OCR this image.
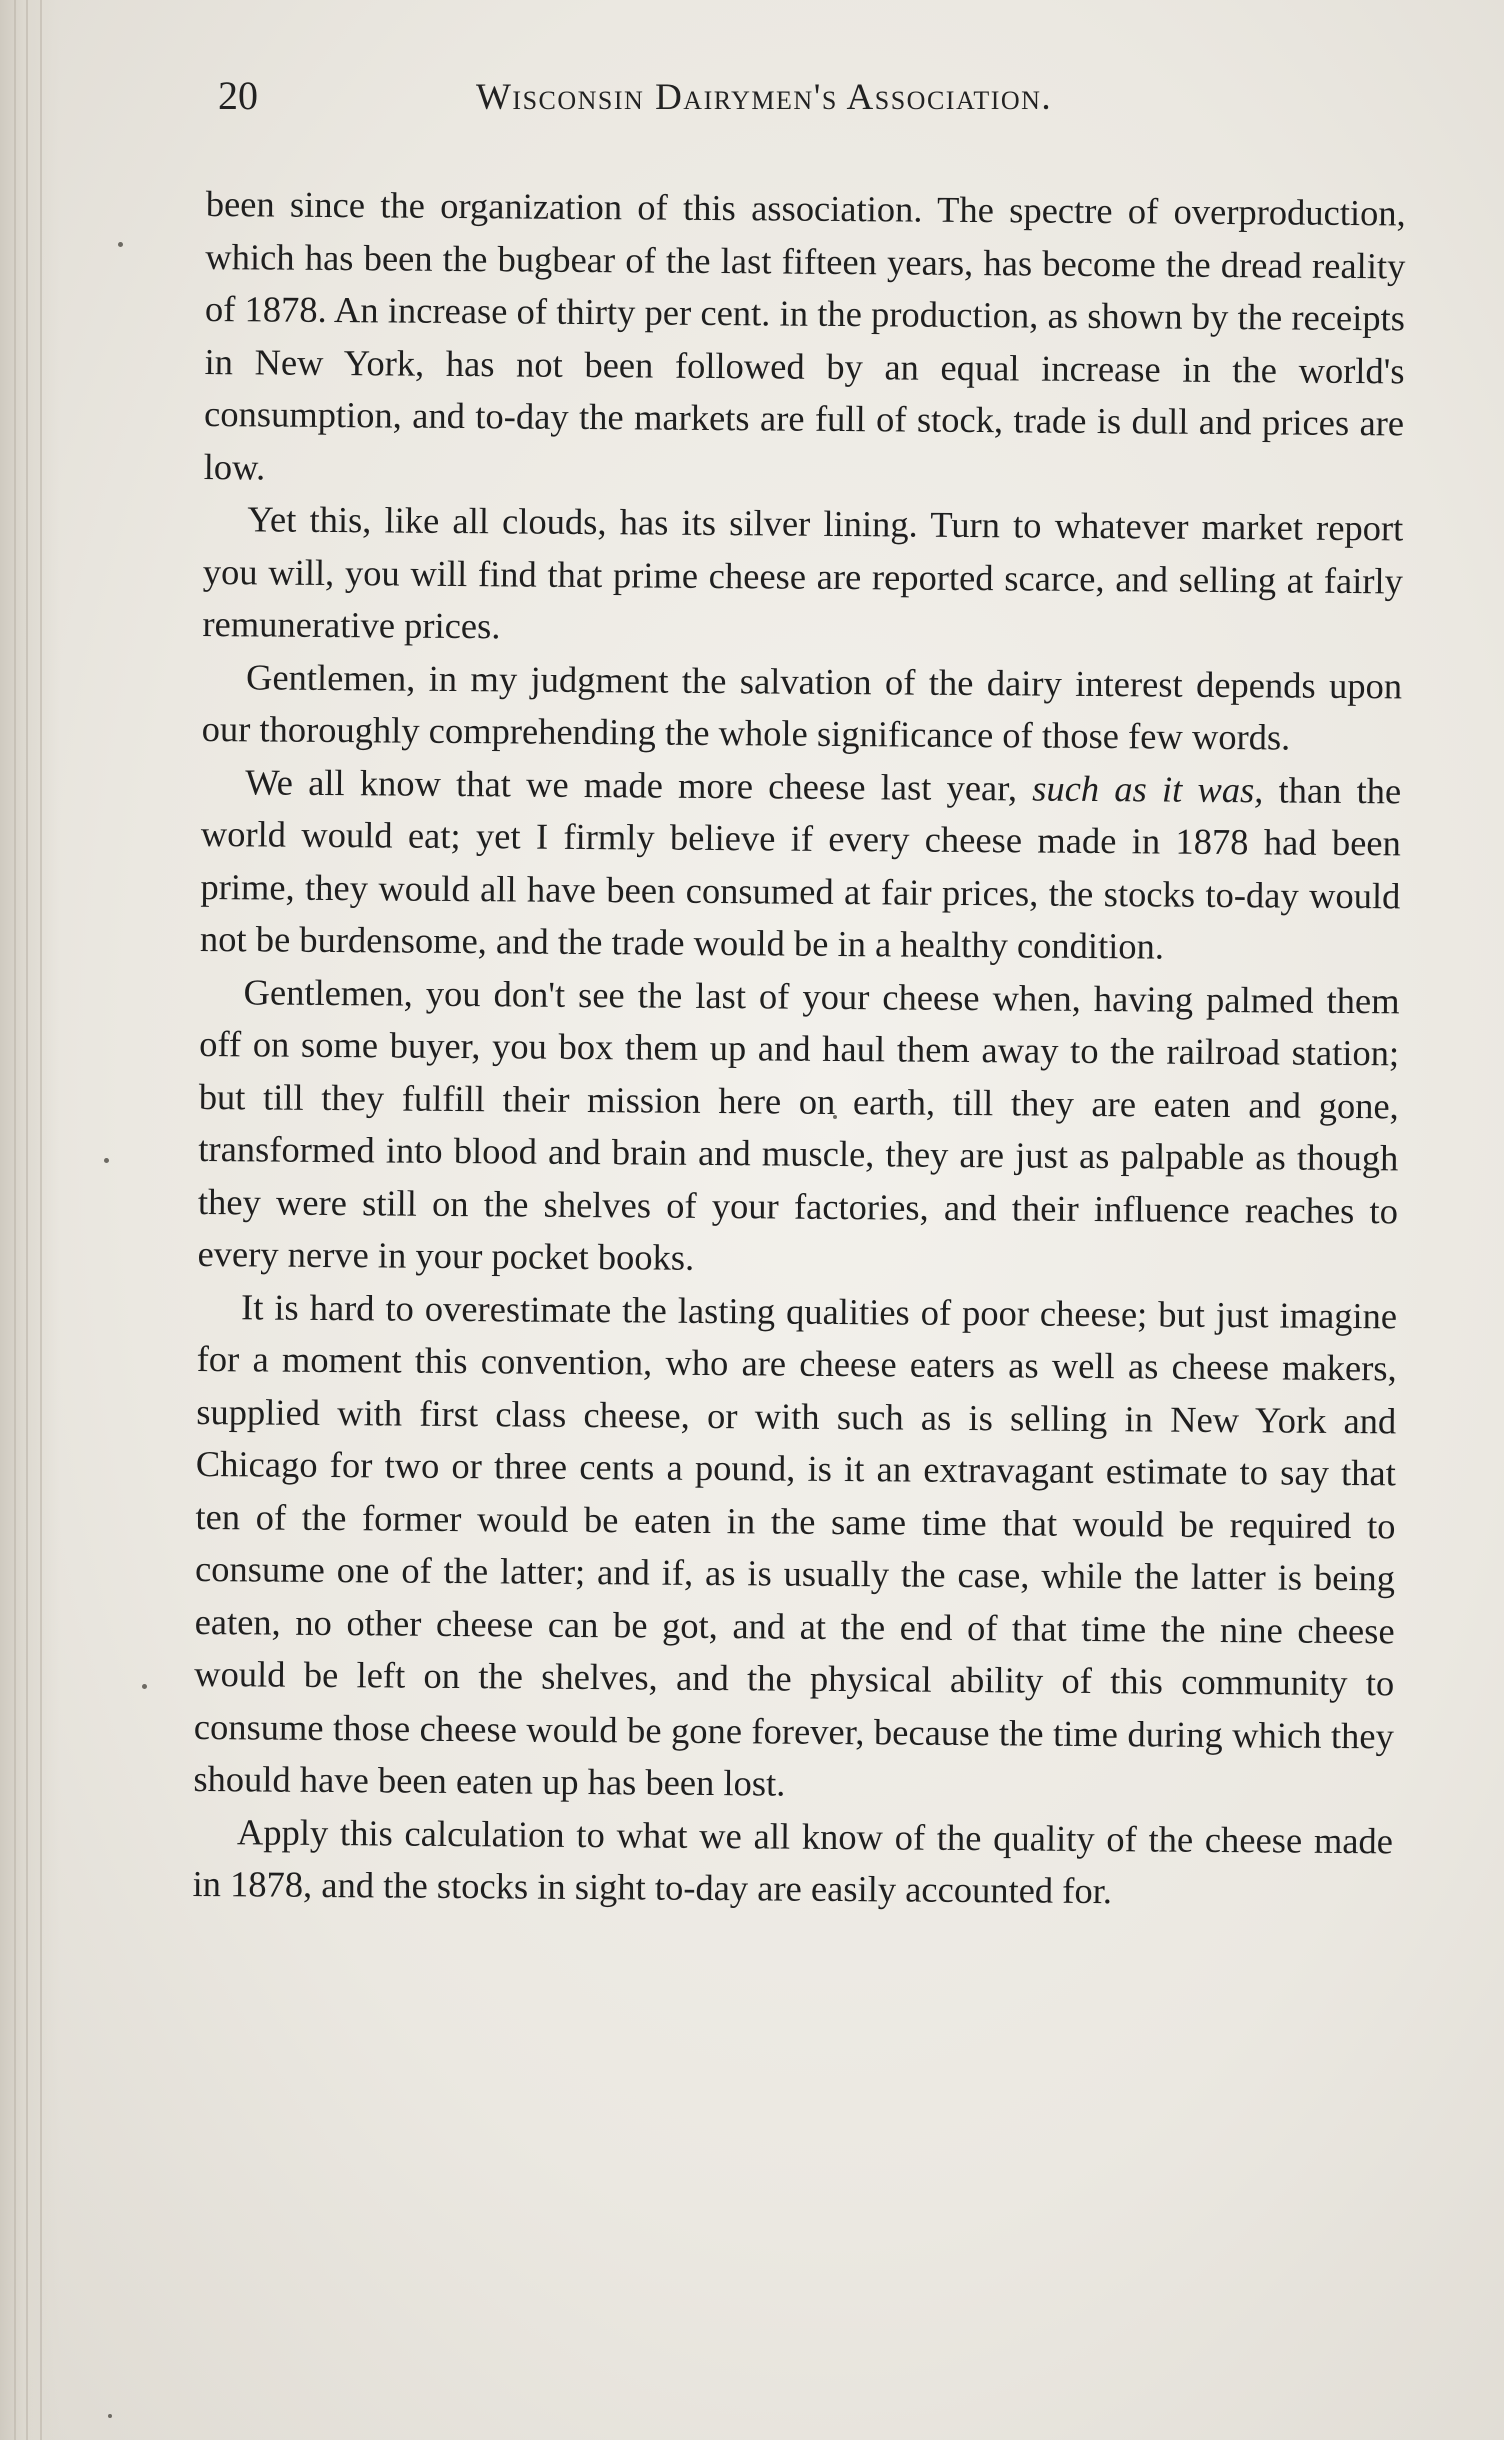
20	Wisconsin Dairymen's Association.

been since the organization of this association. The spectre of overproduction, which has been the bugbear of the last fifteen years, has become the dread reality of 1878. An increase of thirty per cent. in the production, as shown by the receipts in New York, has not been followed by an equal increase in the world's consumption, and to-day the markets are full of stock, trade is dull and prices are low.

Yet this, like all clouds, has its silver lining. Turn to whatever market report you will, you will find that prime cheese are reported scarce, and selling at fairly remunerative prices.

Gentlemen, in my judgment the salvation of the dairy interest depends upon our thoroughly comprehending the whole significance of those few words.

We all know that we made more cheese last year, such as it was, than the world would eat; yet I firmly believe if every cheese made in 1878 had been prime, they would all have been consumed at fair prices, the stocks to-day would not be burdensome, and the trade would be in a healthy condition.

Gentlemen, you don't see the last of your cheese when, having palmed them off on some buyer, you box them up and haul them away to the railroad station; but till they fulfill their mission here on earth, till they are eaten and gone, transformed into blood and brain and muscle, they are just as palpable as though they were still on the shelves of your factories, and their influence reaches to every nerve in your pocket books.

It is hard to overestimate the lasting qualities of poor cheese; but just imagine for a moment this convention, who are cheese eaters as well as cheese makers, supplied with first class cheese, or with such as is selling in New York and Chicago for two or three cents a pound, is it an extravagant estimate to say that ten of the former would be eaten in the same time that would be required to consume one of the latter; and if, as is usually the case, while the latter is being eaten, no other cheese can be got, and at the end of that time the nine cheese would be left on the shelves, and the physical ability of this community to consume those cheese would be gone forever, because the time during which they should have been eaten up has been lost.

Apply this calculation to what we all know of the quality of the cheese made in 1878, and the stocks in sight to-day are easily accounted for.
